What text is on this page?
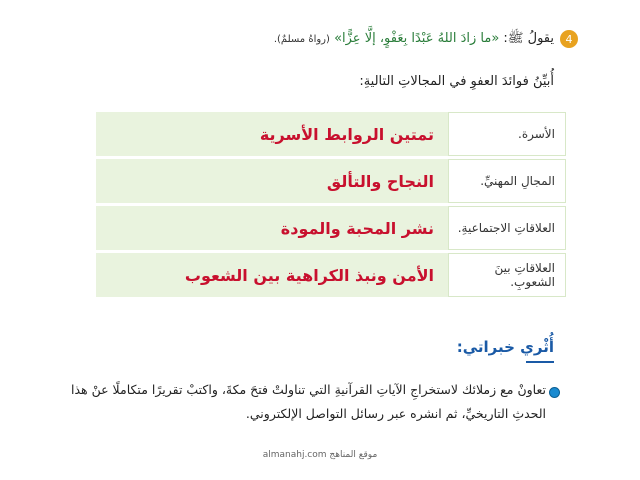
4
يقولُ ﷺ: «ما زادَ اللهُ عَبْدًا بِعَفْوٍ، إلَّا عِزًّا» (رواهُ مسلمٌ).
أُبيِّنُ فوائدَ العفوِ في المجالاتِ التاليةِ:
الأسرة.
تمتين الروابط الأسرية
المجالِ المهنيِّ.
النجاح والتألق
العلاقاتِ الاجتماعيةِ.
نشر المحبة والمودة
العلاقاتِ بينَ الشعوبِ.
الأمن ونبذ الكراهية بين الشعوب
أُثْري خبراتي:
تعاونْ مع زملائك لاستخراجِ الآياتِ القرآنيةِ التي تناولتْ فتحَ مكةَ، واكتبْ تقريرًا متكاملًا عنْ هذا الحدثِ التاريخيِّ، ثم انشره عبر رسائل التواصل الإلكتروني.
موقع المناهج almanahj.com
